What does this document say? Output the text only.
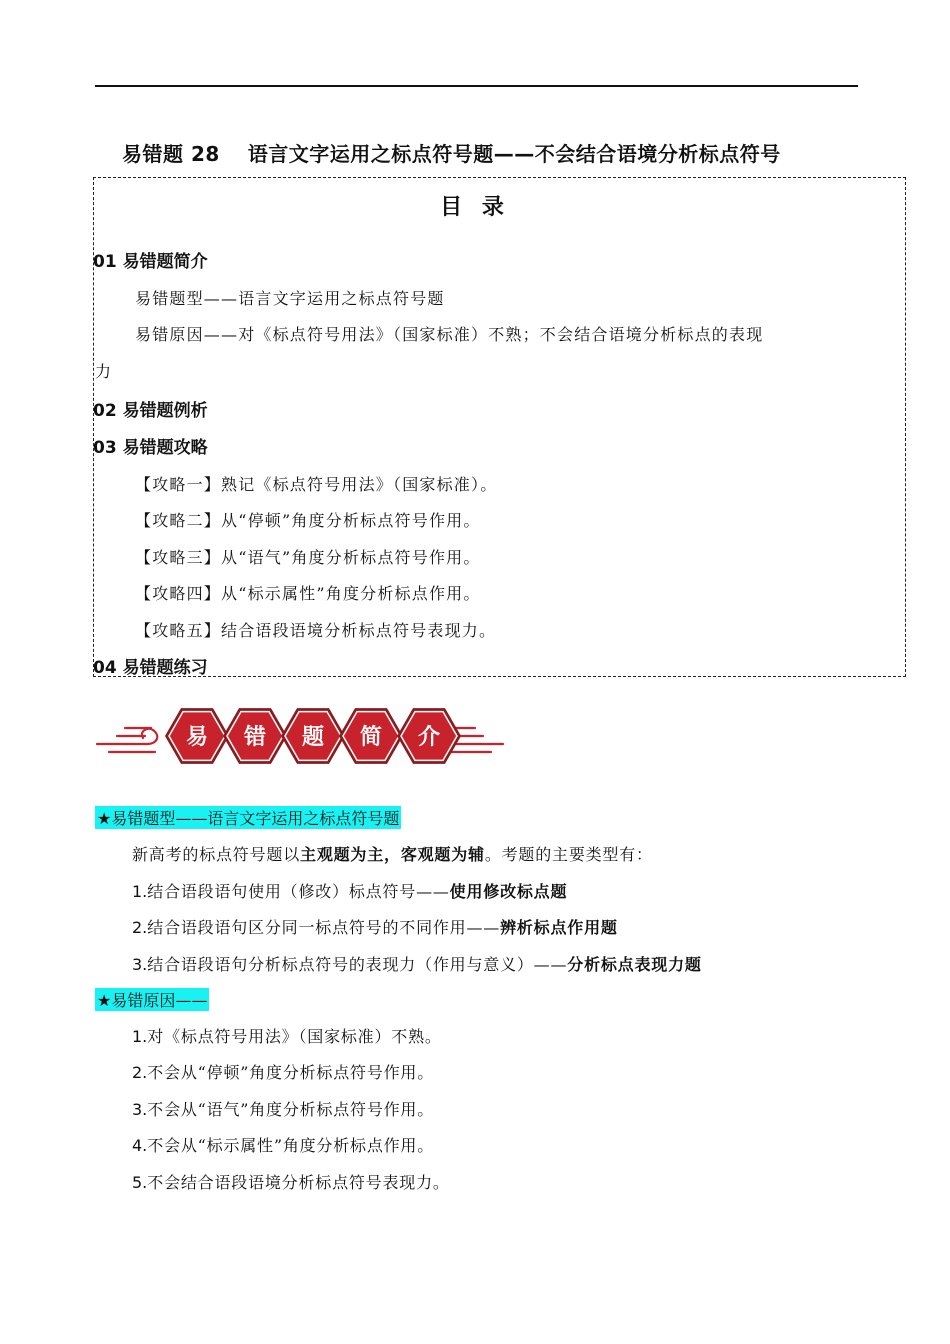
易错题 28 语言文字运用之标点符号题——不会结合语境分析标点符号
目 录
01 易错题简介
易错题型——语言文字运用之标点符号题
易错原因——对《标点符号用法》（国家标准）不熟；不会结合语境分析标点的表现
力
02 易错题例析
03 易错题攻略
【攻略一】熟记《标点符号用法》（国家标准）。
【攻略二】从“停顿”角度分析标点符号作用。
【攻略三】从“语气”角度分析标点符号作用。
【攻略四】从“标示属性”角度分析标点作用。
【攻略五】结合语段语境分析标点符号表现力。
04 易错题练习
易 错 题 简 介
★易错题型——语言文字运用之标点符号题
新高考的标点符号题以主观题为主，客观题为辅。考题的主要类型有：
1.结合语段语句使用（修改）标点符号——使用修改标点题
2.结合语段语句区分同一标点符号的不同作用——辨析标点作用题
3.结合语段语句分析标点符号的表现力（作用与意义）——分析标点表现力题
★易错原因——
1.对《标点符号用法》（国家标准）不熟。
2.不会从“停顿”角度分析标点符号作用。
3.不会从“语气”角度分析标点符号作用。
4.不会从“标示属性”角度分析标点作用。
5.不会结合语段语境分析标点符号表现力。
